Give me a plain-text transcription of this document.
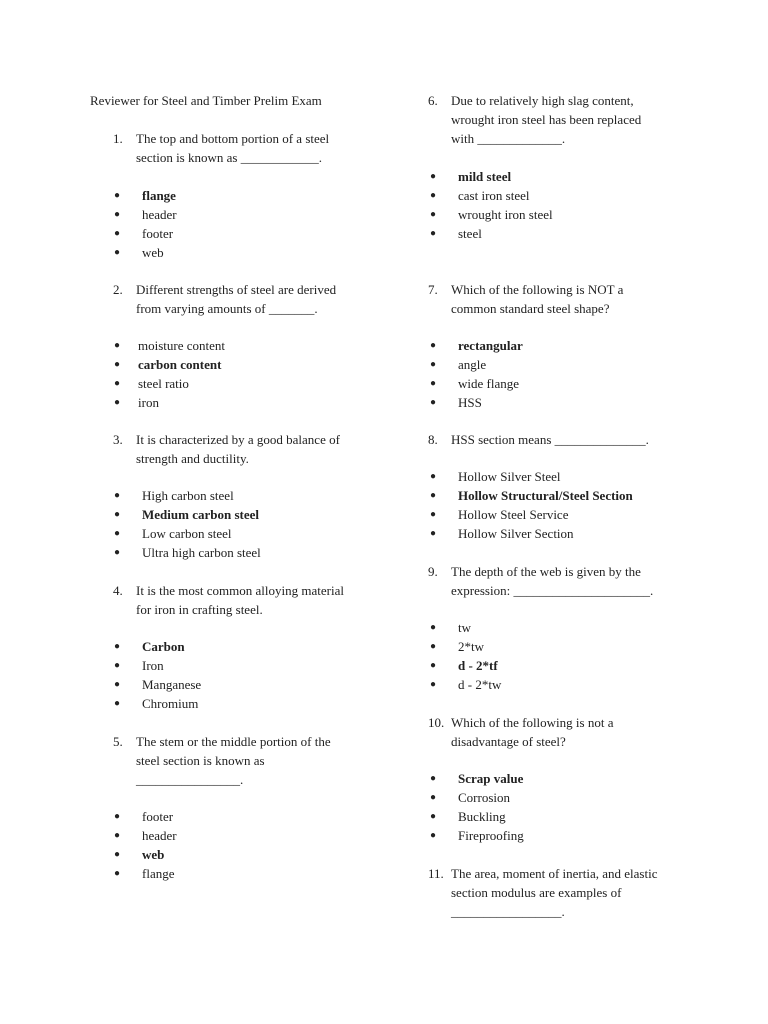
Reviewer for Steel and Timber Prelim Exam
1. The top and bottom portion of a steel
section is known as ____________.
● flange
● header
● footer
● web
2. Different strengths of steel are derived
from varying amounts of _______.
● moisture content
● carbon content
● steel ratio
● iron
3. It is characterized by a good balance of
strength and ductility.
● High carbon steel
● Medium carbon steel
● Low carbon steel
● Ultra high carbon steel
4. It is the most common alloying material
for iron in crafting steel.
● Carbon
● Iron
● Manganese
● Chromium
5. The stem or the middle portion of the
steel section is known as
________________.
● footer
● header
● web
● flange
6. Due to relatively high slag content,
wrought iron steel has been replaced
with _____________.
● mild steel
● cast iron steel
● wrought iron steel
● steel
7. Which of the following is NOT a
common standard steel shape?
● rectangular
● angle
● wide flange
● HSS
8. HSS section means ______________.
● Hollow Silver Steel
● Hollow Structural/Steel Section
● Hollow Steel Service
● Hollow Silver Section
9. The depth of the web is given by the
expression: _____________________.
● tw
● 2*tw
● d - 2*tf
● d - 2*tw
10. Which of the following is not a
disadvantage of steel?
● Scrap value
● Corrosion
● Buckling
● Fireproofing
11. The area, moment of inertia, and elastic
section modulus are examples of
_________________.
